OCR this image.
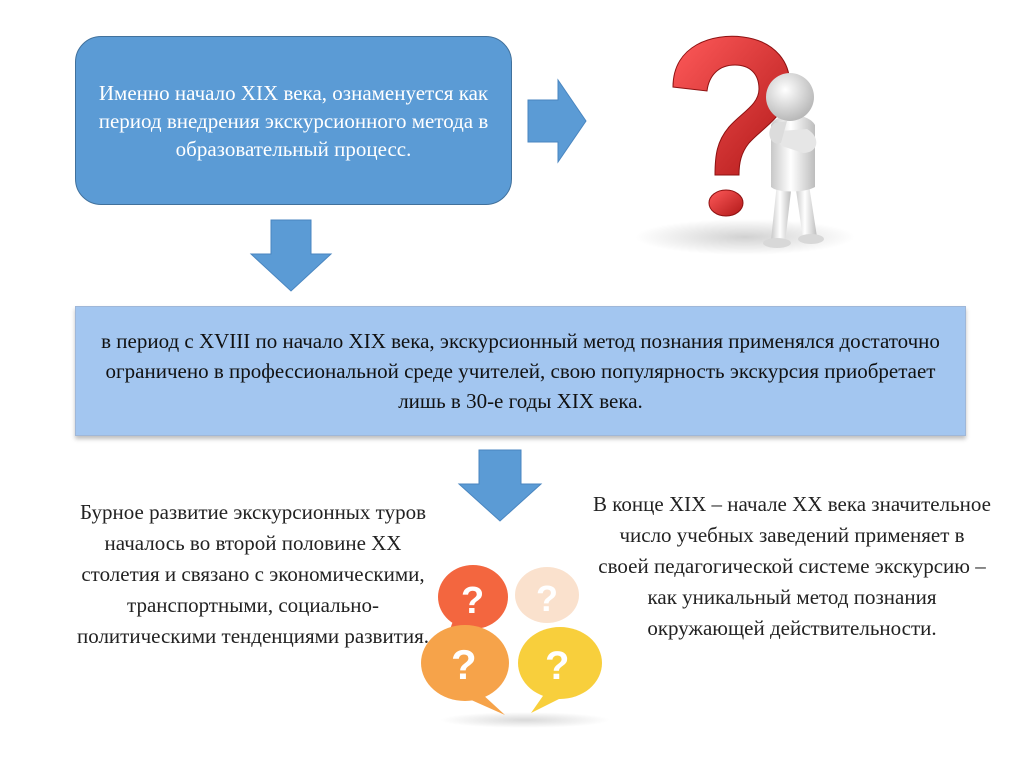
Именно начало XIX века, ознаменуется как период внедрения экскурсионного метода в образовательный процесс.
в период с XVIII по начало XIX века, экскурсионный метод познания применялся достаточно ограничено в профессиональной среде учителей, свою популярность экскурсия приобретает лишь в 30-е годы XIX века.
Бурное развитие экскурсионных туров началось во второй половине XX столетия и связано с экономическими, транспортными, социально-политическими тенденциями развития.
?
?
? ?
В конце XIX – начале XX века значительное число учебных заведений применяет в своей педагогической системе экскурсию – как уникальный метод познания окружающей действительности.
